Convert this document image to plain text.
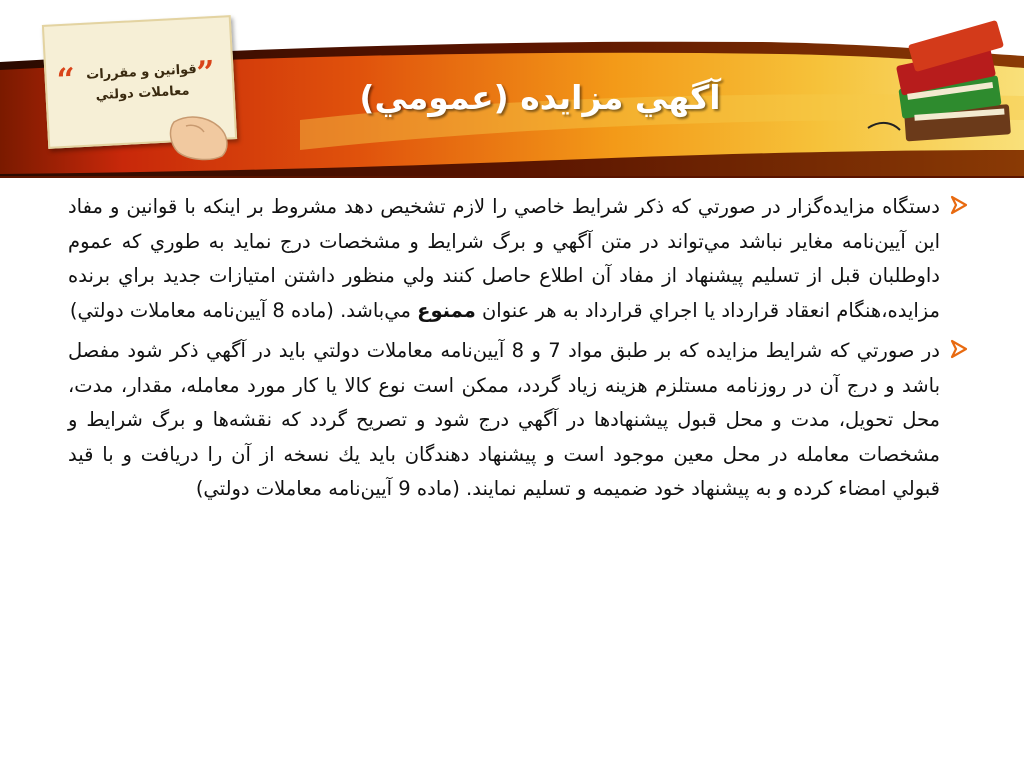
“	”
قوانين و مقررات
معاملات دولتي	آگهي مزايده (عمومي)
دستگاه مزايده‌گزار در صورتي كه ذكر شرايط خاصي را لازم تشخيص دهد مشروط بر اينكه با قوانين و مفاد اين آيين‌نامه مغاير نباشد مي‌تواند در متن آگهي و برگ شرايط و مشخصات درج نمايد به طوري كه عموم داوطلبان قبل از تسليم پيشنهاد از مفاد آن اطلاع حاصل كنند ولي منظور داشتن امتيازات جديد براي برنده مزايده،هنگام انعقاد قرارداد يا اجراي قرارداد به هر عنوان ممنوع مي‌باشد. (ماده 8 آيين‌نامه معاملات دولتي)
در صورتي كه شرايط مزايده كه بر طبق مواد 7 و 8 آيين‌نامه معاملات دولتي بايد در آگهي ذكر شود مفصل باشد و درج آن در روزنامه مستلزم هزينه زياد گردد، ممكن است نوع كالا يا كار مورد معامله، مقدار، مدت، محل تحويل، مدت و محل قبول پيشنهادها در آگهي درج شود و تصريح گردد كه نقشه‌ها و برگ شرايط و مشخصات معامله در محل معين موجود است و پيشنهاد دهندگان بايد يك نسخه از آن را دريافت و با قيد قبولي امضاء كرده و به پيشنهاد خود ضميمه و تسليم نمايند. (ماده 9 آيين‌نامه معاملات دولتي)
